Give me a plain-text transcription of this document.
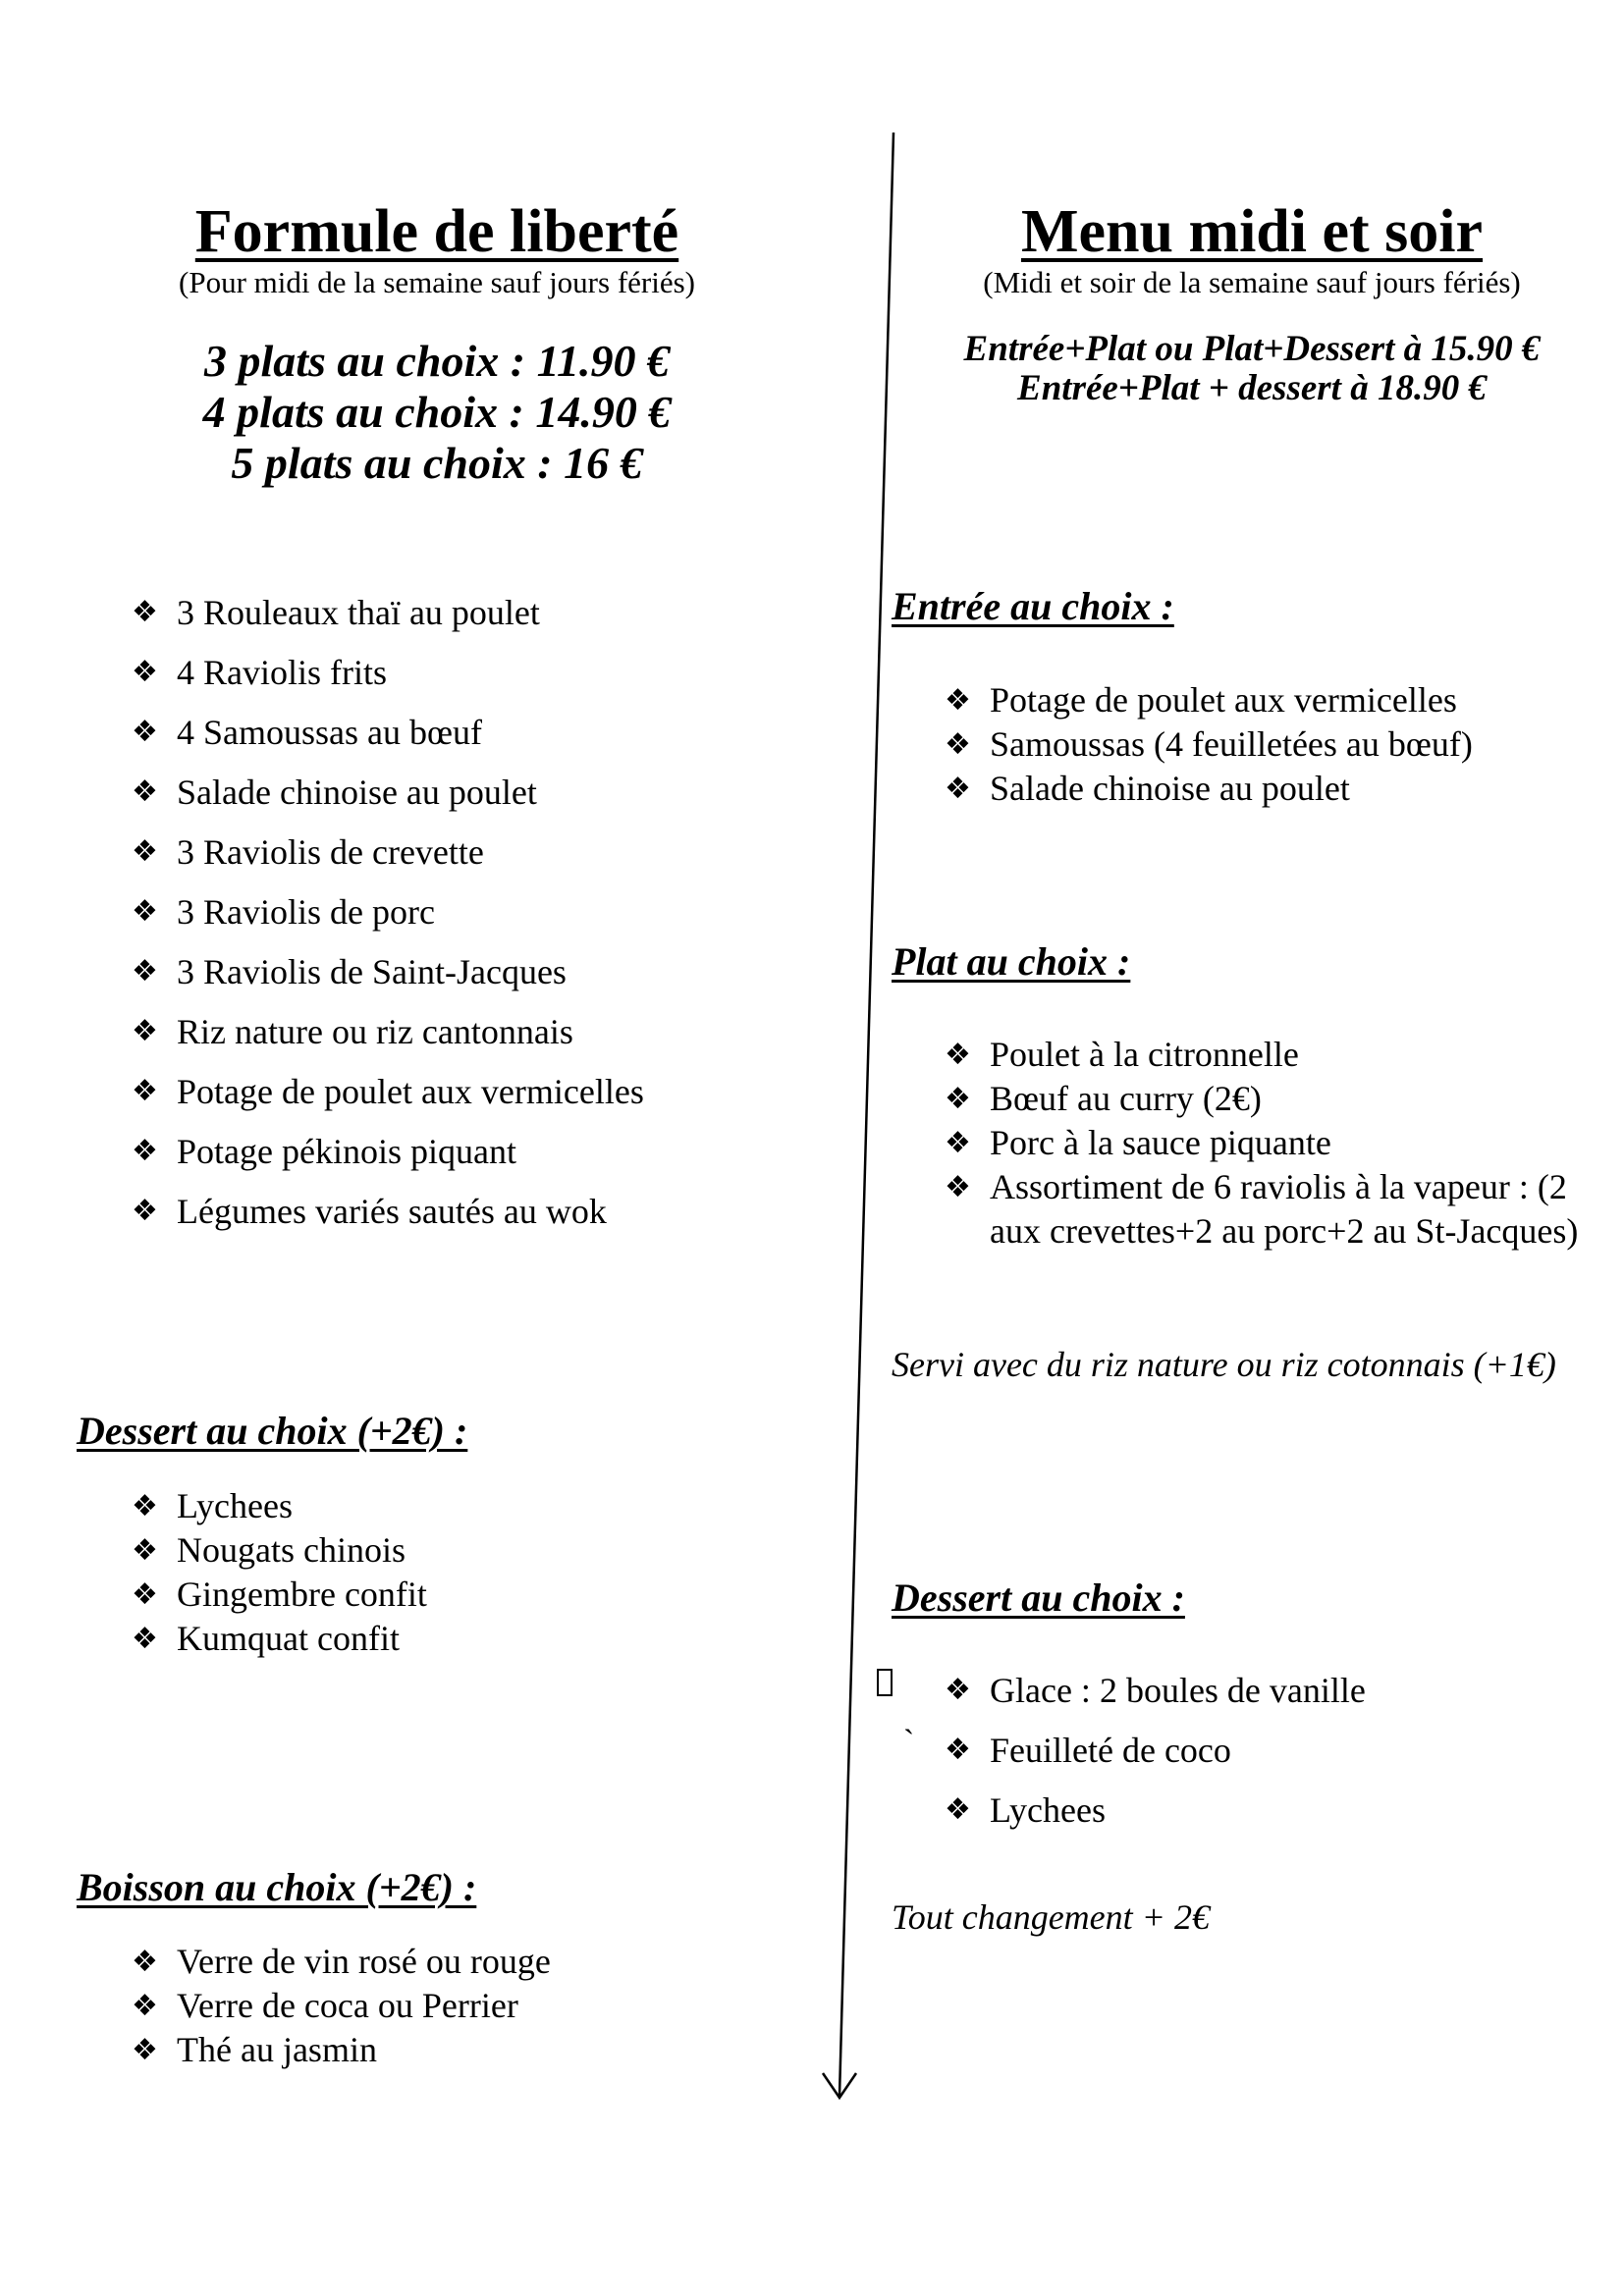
Formule de liberté
(Pour midi de la semaine sauf jours fériés)
3 plats au choix : 11.90 €
4 plats au choix : 14.90 €
5 plats au choix : 16 €
❖ 3 Rouleaux thaï au poulet
❖ 4 Raviolis frits
❖ 4 Samoussas au bœuf
❖ Salade chinoise au poulet
❖ 3 Raviolis de crevette
❖ 3 Raviolis de porc
❖ 3 Raviolis de Saint-Jacques
❖ Riz nature ou riz cantonnais
❖ Potage de poulet aux vermicelles
❖ Potage pékinois piquant
❖ Légumes variés sautés au wok
Dessert au choix (+2€) :
❖ Lychees
❖ Nougats chinois
❖ Gingembre confit
❖ Kumquat confit
Boisson au choix (+2€) :
❖ Verre de vin rosé ou rouge
❖ Verre de coca ou Perrier
❖ Thé au jasmin
Menu midi et soir
(Midi et soir de la semaine sauf jours fériés)
Entrée+Plat ou Plat+Dessert à 15.90 €
Entrée+Plat + dessert à 18.90 €
Entrée au choix :
❖ Potage de poulet aux vermicelles
❖ Samoussas (4 feuilletées au bœuf)
❖ Salade chinoise au poulet
Plat au choix :
❖ Poulet à la citronnelle
❖ Bœuf au curry (2€)
❖ Porc à la sauce piquante
❖ Assortiment de 6 raviolis à la vapeur : (2 aux crevettes+2 au porc+2 au St-Jacques)
Servi avec du riz nature ou riz cotonnais (+1€)
Dessert au choix :
`
❖ Glace : 2 boules de vanille
❖ Feuilleté de coco
❖ Lychees
Tout changement + 2€
